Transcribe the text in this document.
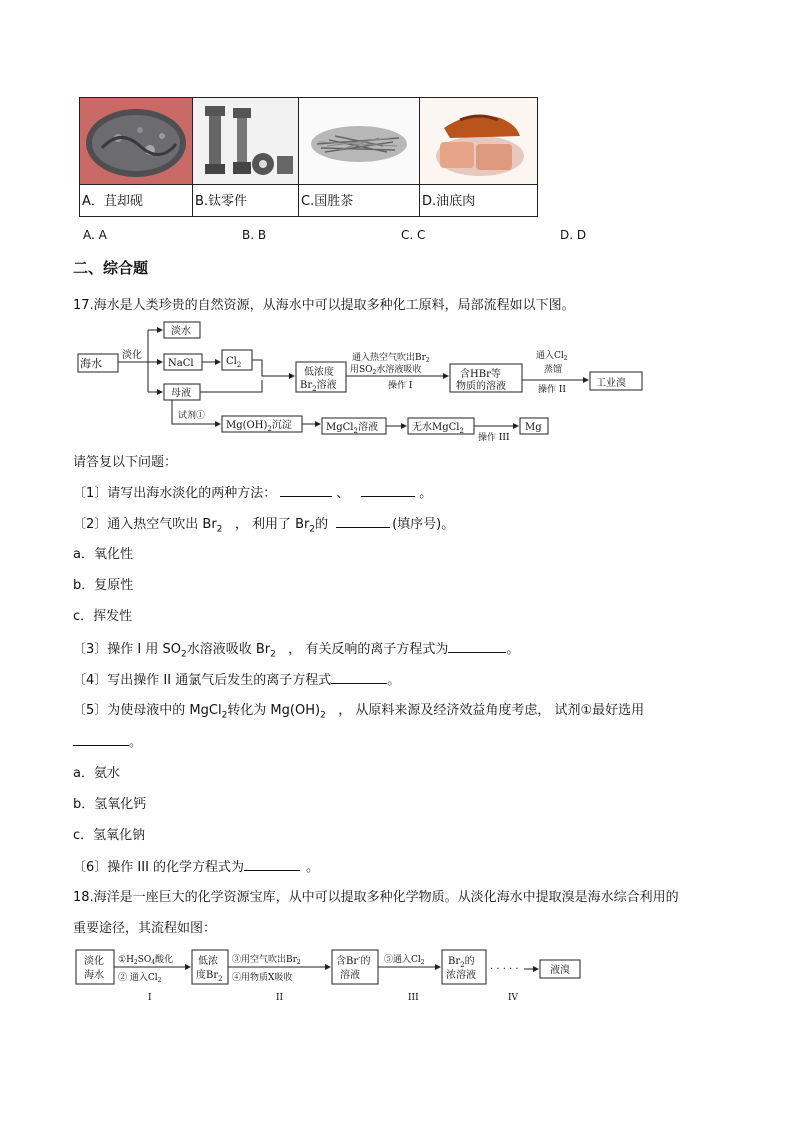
A．苴却砚	B.钛零件	C.国胜茶	D.油底肉
A. A	B. B	C. C	D. D
二、综合题
17.海水是人类珍贵的自然资源，从海水中可以提取多种化工原料，局部流程如以下图。
海水
淡化
淡水
NaCl	$Cl_2$
母液
低浓度
$Br_2$溶液
通入热空气吹出$Br_2$
用$SO_2$水溶液吸收
操作 I
含HBr等
物质的溶液
通入$Cl_2$
蒸馏
操作 II
工业溴
试剂①
$Mg(OH)_2$沉淀	MgCl$_2$溶液	无水MgCl$_2$
操作 III
Mg
请答复以下问题：
〔1〕请写出海水淡化的两种方法：	、	。
〔2〕通入热空气吹出 $Br_2$ ， 利用了 $Br_2$的	(填序号)。
a．氧化性
b．复原性
c．挥发性
〔3〕操作 I 用 $SO_2$水溶液吸收 $Br_2$ ， 有关反响的离子方程式为	。
〔4〕写出操作 II 通氯气后发生的离子方程式	。
〔5〕为使母液中的 MgCl$_2$转化为 $Mg(OH)_2$ ， 从原料来源及经济效益角度考虑， 试剂①最好选用
。
a．氨水
b．氢氧化钙
c．氢氧化钠
〔6〕操作 III 的化学方程式为	。
18.海洋是一座巨大的化学资源宝库，从中可以提取多种化学物质。从淡化海水中提取溴是海水综合利用的
重要途径，其流程如图：
淡化
海水
$①H_2SO_4$酸化
② 通入$Cl_2$
低浓
度$Br_2$
③用空气吹出$Br_2$
④用物质X吸收
含Br-的
溶液
⑤通入$Cl_2$ $Br_2$的
浓溶液
· · · · ·	液溴
I	II	III	IV
